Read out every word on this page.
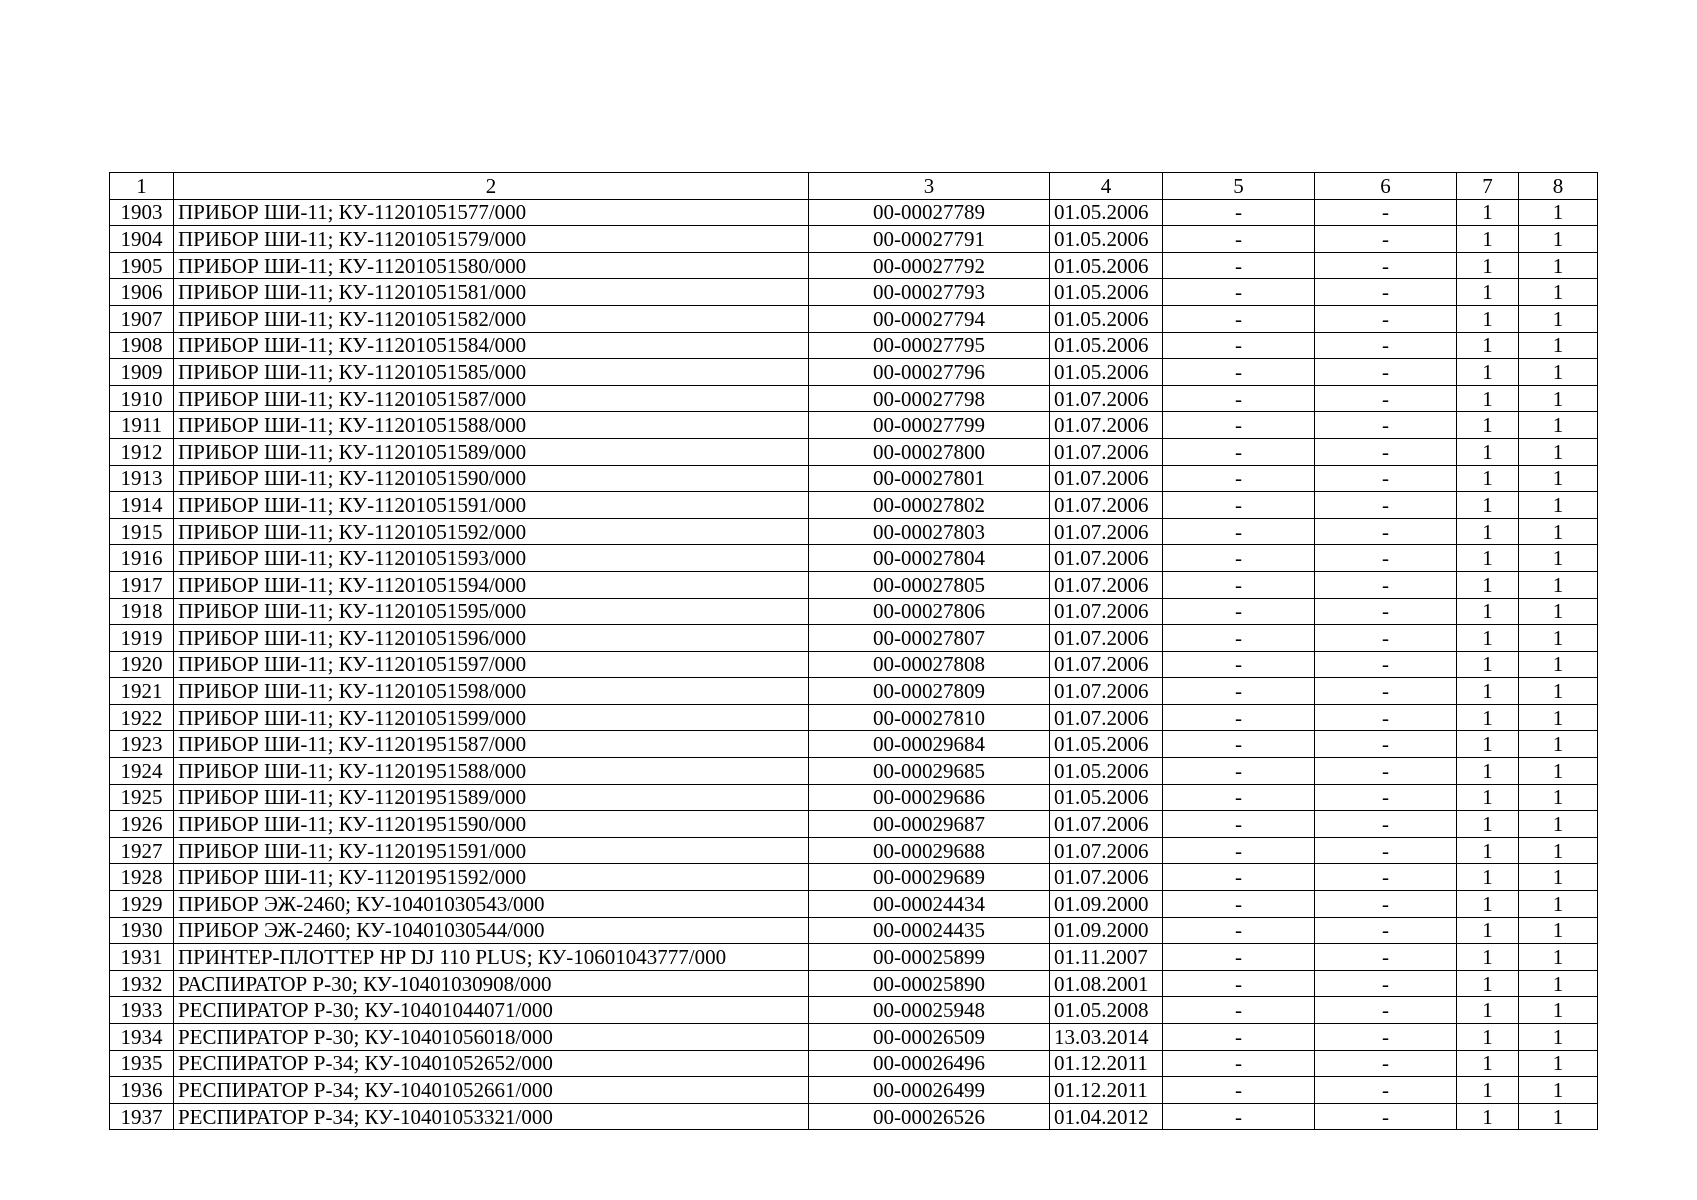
1	2	3	4	5	6	7	8
1903	ПРИБОР ШИ-11; КУ-11201051577/000	00-00027789	01.05.2006	-	-	1	1
1904	ПРИБОР ШИ-11; КУ-11201051579/000	00-00027791	01.05.2006	-	-	1	1
1905	ПРИБОР ШИ-11; КУ-11201051580/000	00-00027792	01.05.2006	-	-	1	1
1906	ПРИБОР ШИ-11; КУ-11201051581/000	00-00027793	01.05.2006	-	-	1	1
1907	ПРИБОР ШИ-11; КУ-11201051582/000	00-00027794	01.05.2006	-	-	1	1
1908	ПРИБОР ШИ-11; КУ-11201051584/000	00-00027795	01.05.2006	-	-	1	1
1909	ПРИБОР ШИ-11; КУ-11201051585/000	00-00027796	01.05.2006	-	-	1	1
1910	ПРИБОР ШИ-11; КУ-11201051587/000	00-00027798	01.07.2006	-	-	1	1
1911	ПРИБОР ШИ-11; КУ-11201051588/000	00-00027799	01.07.2006	-	-	1	1
1912	ПРИБОР ШИ-11; КУ-11201051589/000	00-00027800	01.07.2006	-	-	1	1
1913	ПРИБОР ШИ-11; КУ-11201051590/000	00-00027801	01.07.2006	-	-	1	1
1914	ПРИБОР ШИ-11; КУ-11201051591/000	00-00027802	01.07.2006	-	-	1	1
1915	ПРИБОР ШИ-11; КУ-11201051592/000	00-00027803	01.07.2006	-	-	1	1
1916	ПРИБОР ШИ-11; КУ-11201051593/000	00-00027804	01.07.2006	-	-	1	1
1917	ПРИБОР ШИ-11; КУ-11201051594/000	00-00027805	01.07.2006	-	-	1	1
1918	ПРИБОР ШИ-11; КУ-11201051595/000	00-00027806	01.07.2006	-	-	1	1
1919	ПРИБОР ШИ-11; КУ-11201051596/000	00-00027807	01.07.2006	-	-	1	1
1920	ПРИБОР ШИ-11; КУ-11201051597/000	00-00027808	01.07.2006	-	-	1	1
1921	ПРИБОР ШИ-11; КУ-11201051598/000	00-00027809	01.07.2006	-	-	1	1
1922	ПРИБОР ШИ-11; КУ-11201051599/000	00-00027810	01.07.2006	-	-	1	1
1923	ПРИБОР ШИ-11; КУ-11201951587/000	00-00029684	01.05.2006	-	-	1	1
1924	ПРИБОР ШИ-11; КУ-11201951588/000	00-00029685	01.05.2006	-	-	1	1
1925	ПРИБОР ШИ-11; КУ-11201951589/000	00-00029686	01.05.2006	-	-	1	1
1926	ПРИБОР ШИ-11; КУ-11201951590/000	00-00029687	01.07.2006	-	-	1	1
1927	ПРИБОР ШИ-11; КУ-11201951591/000	00-00029688	01.07.2006	-	-	1	1
1928	ПРИБОР ШИ-11; КУ-11201951592/000	00-00029689	01.07.2006	-	-	1	1
1929	ПРИБОР ЭЖ-2460; КУ-10401030543/000	00-00024434	01.09.2000	-	-	1	1
1930	ПРИБОР ЭЖ-2460; КУ-10401030544/000	00-00024435	01.09.2000	-	-	1	1
1931	ПРИНТЕР-ПЛОТТЕР HP DJ 110 PLUS; КУ-10601043777/000	00-00025899	01.11.2007	-	-	1	1
1932	РАСПИРАТОР Р-30; КУ-10401030908/000	00-00025890	01.08.2001	-	-	1	1
1933	РЕСПИРАТОР Р-30; КУ-10401044071/000	00-00025948	01.05.2008	-	-	1	1
1934	РЕСПИРАТОР Р-30; КУ-10401056018/000	00-00026509	13.03.2014	-	-	1	1
1935	РЕСПИРАТОР Р-34; КУ-10401052652/000	00-00026496	01.12.2011	-	-	1	1
1936	РЕСПИРАТОР Р-34; КУ-10401052661/000	00-00026499	01.12.2011	-	-	1	1
1937	РЕСПИРАТОР Р-34; КУ-10401053321/000	00-00026526	01.04.2012	-	-	1	1
